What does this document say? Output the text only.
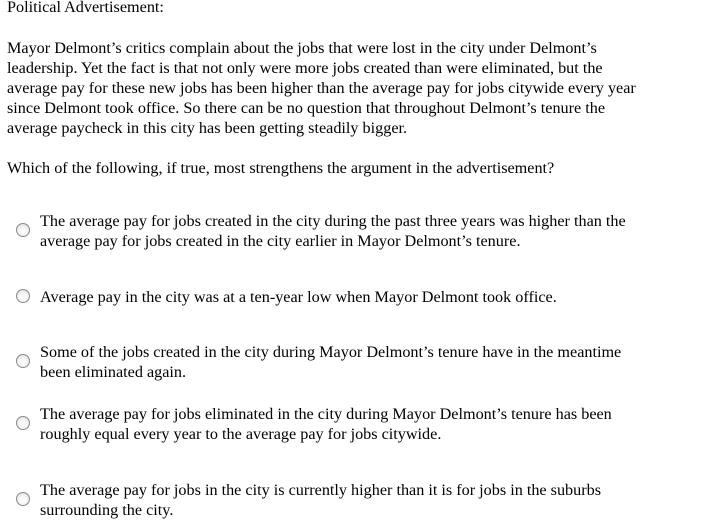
Political Advertisement:

Mayor Delmont’s critics complain about the jobs that were lost in the city under Delmont’s
leadership. Yet the fact is that not only were more jobs created than were eliminated, but the
average pay for these new jobs has been higher than the average pay for jobs citywide every year
since Delmont took office. So there can be no question that throughout Delmont’s tenure the
average paycheck in this city has been getting steadily bigger.

Which of the following, if true, most strengthens the argument in the advertisement?
The average pay for jobs created in the city during the past three years was higher than the
average pay for jobs created in the city earlier in Mayor Delmont’s tenure.
Average pay in the city was at a ten-year low when Mayor Delmont took office.
Some of the jobs created in the city during Mayor Delmont’s tenure have in the meantime
been eliminated again.
The average pay for jobs eliminated in the city during Mayor Delmont’s tenure has been
roughly equal every year to the average pay for jobs citywide.
The average pay for jobs in the city is currently higher than it is for jobs in the suburbs
surrounding the city.
